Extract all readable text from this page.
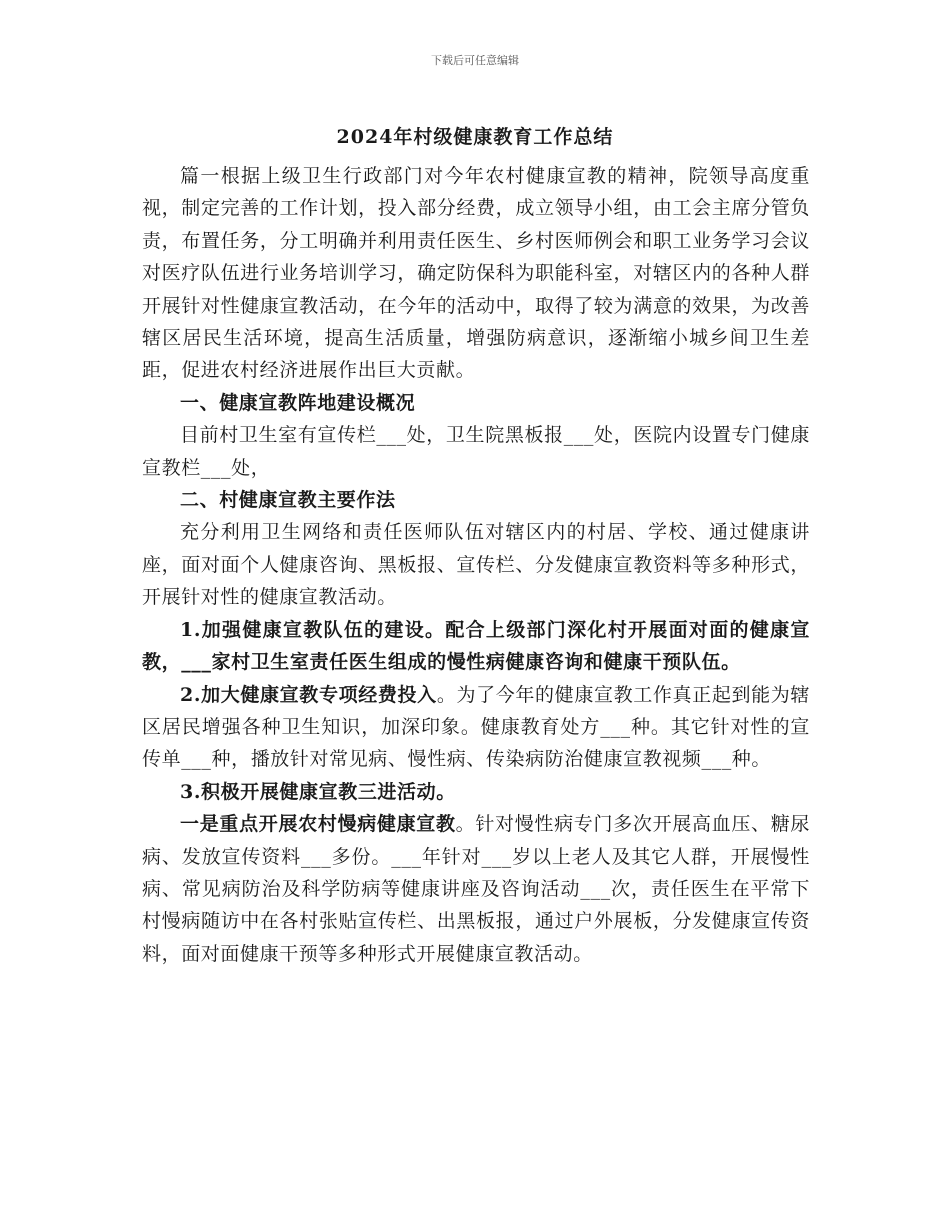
下载后可任意编辑
2024年村级健康教育工作总结

篇一根据上级卫生行政部门对今年农村健康宣教的精神，院领导高度重视，制定完善的工作计划，投入部分经费，成立领导小组，由工会主席分管负责，布置任务，分工明确并利用责任医生、乡村医师例会和职工业务学习会议对医疗队伍进行业务培训学习，确定防保科为职能科室，对辖区内的各种人群开展针对性健康宣教活动，在今年的活动中，取得了较为满意的效果，为改善辖区居民生活环境，提高生活质量，增强防病意识，逐渐缩小城乡间卫生差距，促进农村经济进展作出巨大贡献。

一、健康宣教阵地建设概况

目前村卫生室有宣传栏___处，卫生院黑板报___处，医院内设置专门健康宣教栏___处，

二、村健康宣教主要作法

充分利用卫生网络和责任医师队伍对辖区内的村居、学校、通过健康讲座，面对面个人健康咨询、黑板报、宣传栏、分发健康宣教资料等多种形式，开展针对性的健康宣教活动。

1.加强健康宣教队伍的建设。配合上级部门深化村开展面对面的健康宣教，___家村卫生室责任医生组成的慢性病健康咨询和健康干预队伍。

2.加大健康宣教专项经费投入。为了今年的健康宣教工作真正起到能为辖区居民增强各种卫生知识，加深印象。健康教育处方___种。其它针对性的宣传单___种，播放针对常见病、慢性病、传染病防治健康宣教视频___种。

3.积极开展健康宣教三进活动。

一是重点开展农村慢病健康宣教。针对慢性病专门多次开展高血压、糖尿病、发放宣传资料___多份。___年针对___岁以上老人及其它人群，开展慢性病、常见病防治及科学防病等健康讲座及咨询活动___次，责任医生在平常下村慢病随访中在各村张贴宣传栏、出黑板报，通过户外展板，分发健康宣传资料，面对面健康干预等多种形式开展健康宣教活动。
